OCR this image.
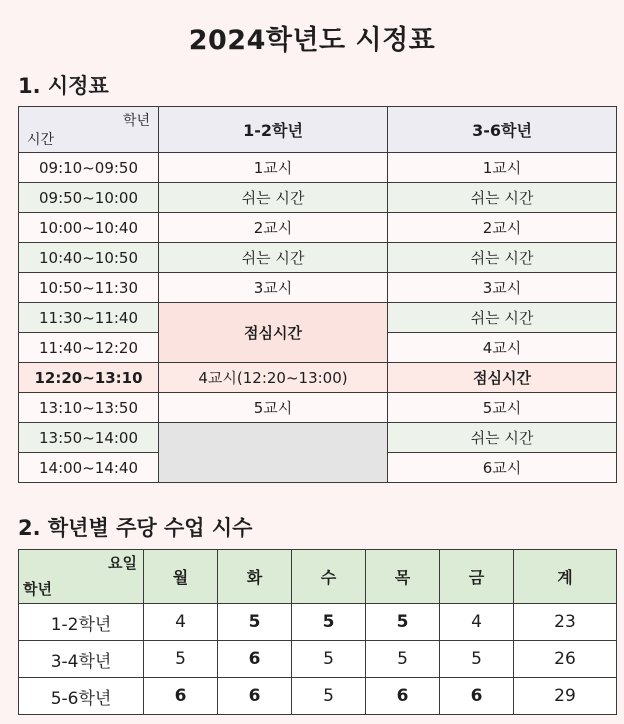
2024학년도 시정표
1. 시정표
학년
시간	1-2학년	3-6학년
09:10~09:50	1교시	1교시
09:50~10:00	쉬는 시간	쉬는 시간
10:00~10:40	2교시	2교시
10:40~10:50	쉬는 시간	쉬는 시간
10:50~11:30	3교시	3교시
11:30~11:40	점심시간	쉬는 시간
11:40~12:20		4교시
12:20~13:10	4교시(12:20~13:00)	점심시간
13:10~13:50	5교시	5교시
13:50~14:00		쉬는 시간
14:00~14:40		6교시
2. 학년별 주당 수업 시수
요일
학년	월	화	수	목	금	계
1-2학년	4	5	5	5	4	23
3-4학년	5	6	5	5	5	26
5-6학년	6	6	5	6	6	29
